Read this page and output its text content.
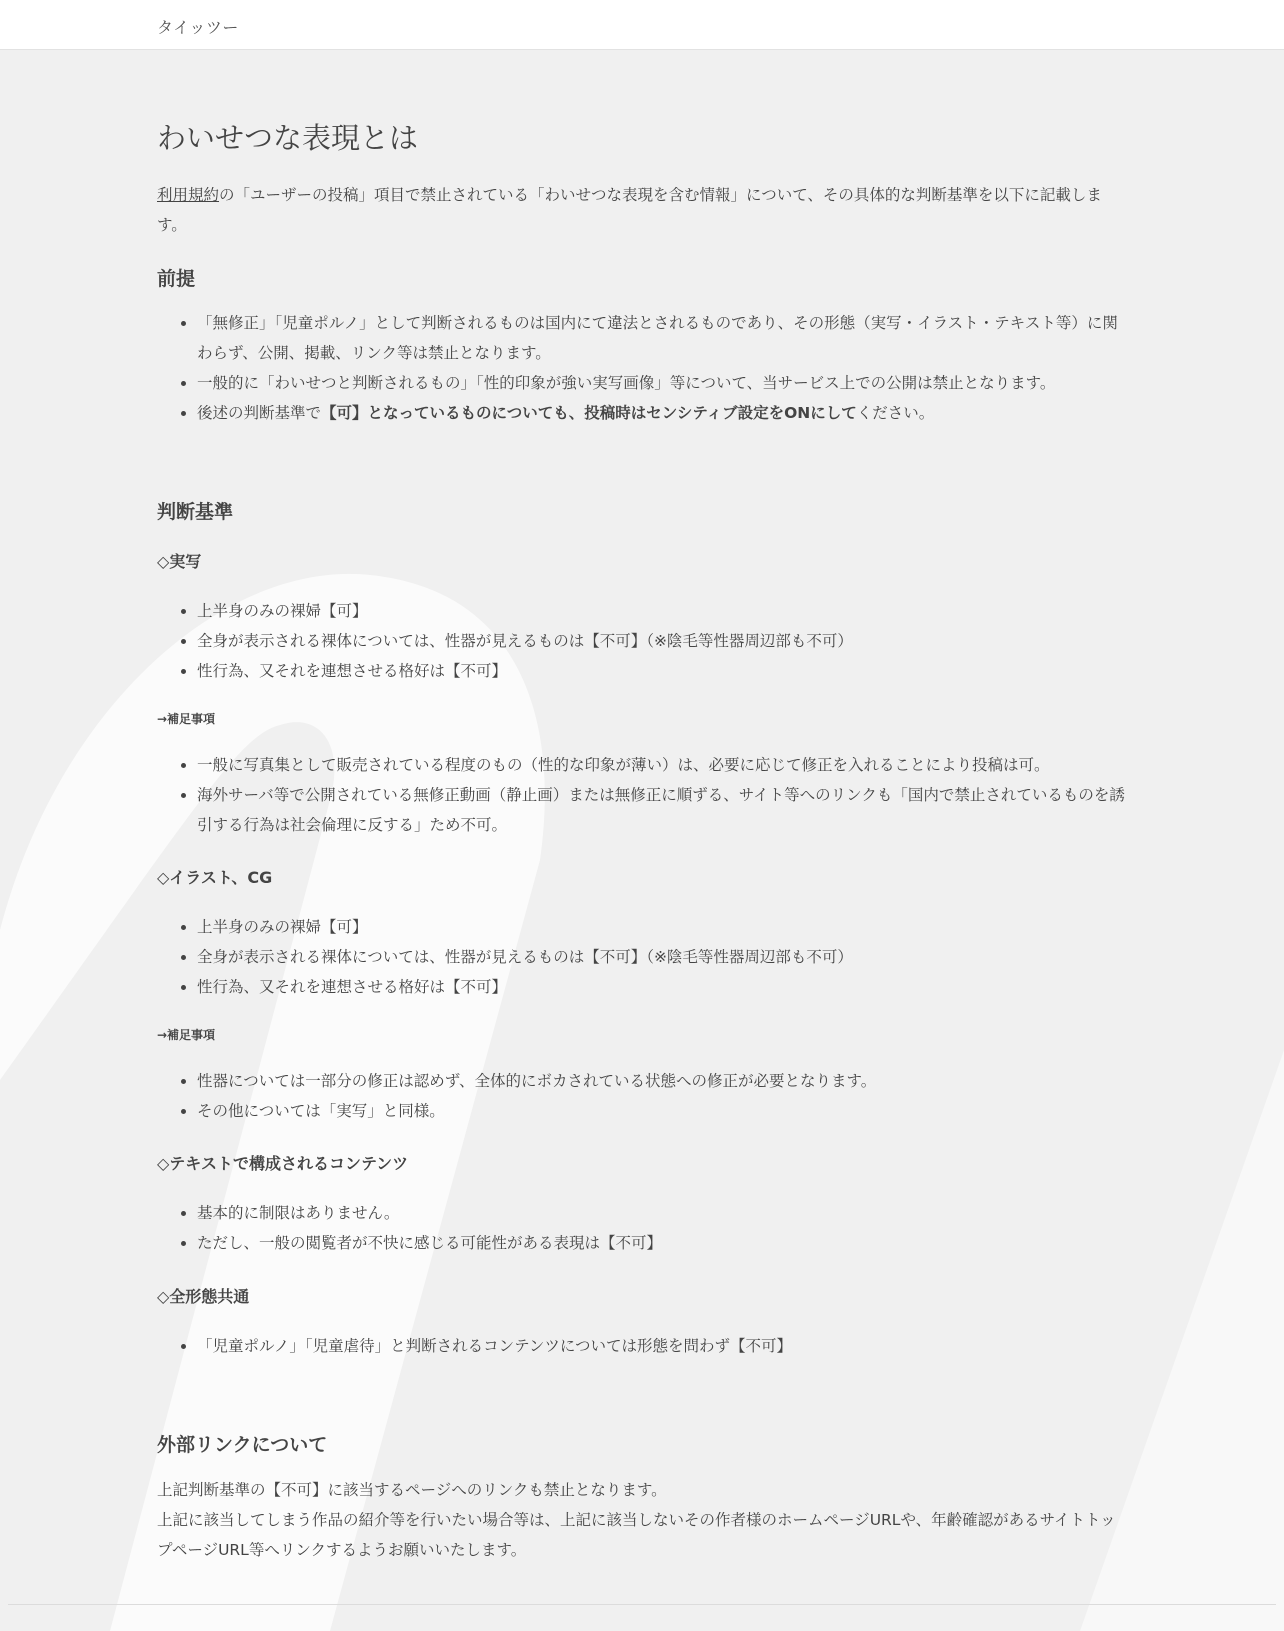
タイッツー
わいせつな表現とは

利用規約の「ユーザーの投稿」項目で禁止されている「わいせつな表現を含む情報」について、その具体的な判断基準を以下に記載します。

前提
• 「無修正」「児童ポルノ」として判断されるものは国内にて違法とされるものであり、その形態（実写・イラスト・テキスト等）に関わらず、公開、掲載、リンク等は禁止となります。
• 一般的に「わいせつと判断されるもの」「性的印象が強い実写画像」等について、当サービス上での公開は禁止となります。
• 後述の判断基準で【可】となっているものについても、投稿時はセンシティブ設定をONにしてください。
判断基準
◇実写
• 上半身のみの裸婦【可】
• 全身が表示される裸体については、性器が見えるものは【不可】（※陰毛等性器周辺部も不可）
• 性行為、又それを連想させる格好は【不可】
→補足事項
• 一般に写真集として販売されている程度のもの（性的な印象が薄い）は、必要に応じて修正を入れることにより投稿は可。
• 海外サーバ等で公開されている無修正動画（静止画）または無修正に順ずる、サイト等へのリンクも「国内で禁止されているものを誘引する行為は社会倫理に反する」ため不可。
◇イラスト、CG
• 上半身のみの裸婦【可】
• 全身が表示される裸体については、性器が見えるものは【不可】（※陰毛等性器周辺部も不可）
• 性行為、又それを連想させる格好は【不可】
→補足事項
• 性器については一部分の修正は認めず、全体的にボカされている状態への修正が必要となります。
• その他については「実写」と同様。
◇テキストで構成されるコンテンツ
• 基本的に制限はありません。
• ただし、一般の閲覧者が不快に感じる可能性がある表現は【不可】
◇全形態共通
• 「児童ポルノ」「児童虐待」と判断されるコンテンツについては形態を問わず【不可】
外部リンクについて

上記判断基準の【不可】に該当するページへのリンクも禁止となります。

上記に該当してしまう作品の紹介等を行いたい場合等は、上記に該当しないその作者様のホームページURLや、年齢確認があるサイトトップページURL等へリンクするようお願いいたします。
